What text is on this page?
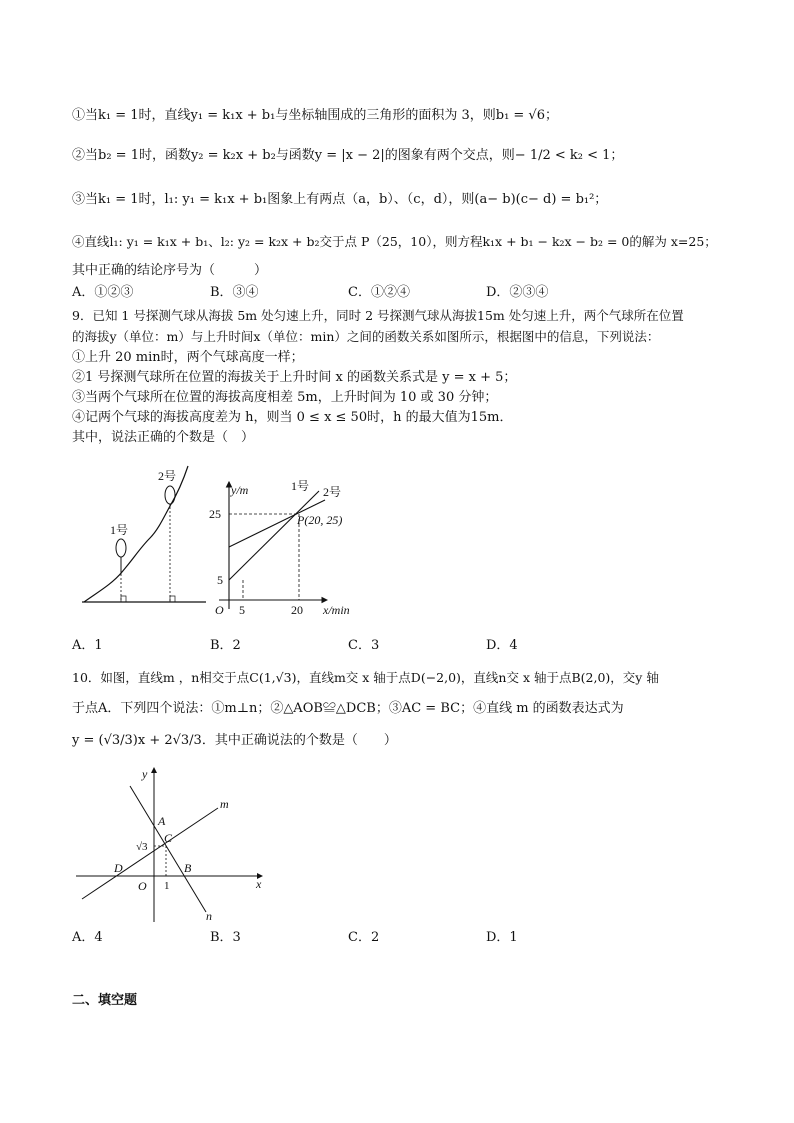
①当k₁ = 1时，直线y₁ = k₁x + b₁与坐标轴围成的三角形的面积为 3，则b₁ = √6；
②当b₂ = 1时，函数y₂ = k₂x + b₂与函数y = |x − 2|的图象有两个交点，则− 1/2 < k₂ < 1；
③当k₁ = 1时，l₁: y₁ = k₁x + b₁图象上有两点（a，b）、（c，d），则(a− b)(c− d) = b₁²；
④直线l₁: y₁ = k₁x + b₁、l₂: y₂ = k₂x + b₂交于点 P（25，10），则方程k₁x + b₁ − k₂x − b₂ = 0的解为 x=25；
其中正确的结论序号为（　　　）
A．①②③	B．③④	C．①②④	D．②③④
9．已知 1 号探测气球从海拔 5m 处匀速上升，同时 2 号探测气球从海拔15m 处匀速上升，两个气球所在位置
的海拔y（单位：m）与上升时间x（单位：min）之间的函数关系如图所示，根据图中的信息，下列说法：
①上升 20 min时，两个气球高度一样；
②1 号探测气球所在位置的海拔关于上升时间 x 的函数关系式是 y = x + 5；
③当两个气球所在位置的海拔高度相差 5m，上升时间为 10 或 30 分钟；
④记两个气球的海拔高度差为 h，则当 0 ≤ x ≤ 50时，h 的最大值为15m．
其中，说法正确的个数是（　）
1号
2号
y/m
x/min
O
25
5
5	20
1号 2号
P(20, 25)
A．1	B．2	C．3	D．4
10．如图，直线m ，n相交于点C(1,√3)，直线m交 x 轴于点D(−2,0)，直线n交 x 轴于点B(2,0)，交y 轴
于点A．下列四个说法：①m⊥n；②△AOB≌△DCB；③AC = BC；④直线 m 的函数表达式为
y = (√3/3)x + 2√3/3．其中正确说法的个数是（　　）
y
x
m
n
A
C
B
D
O 1
√3
A．4	B．3	C．2	D．1
二、填空题
